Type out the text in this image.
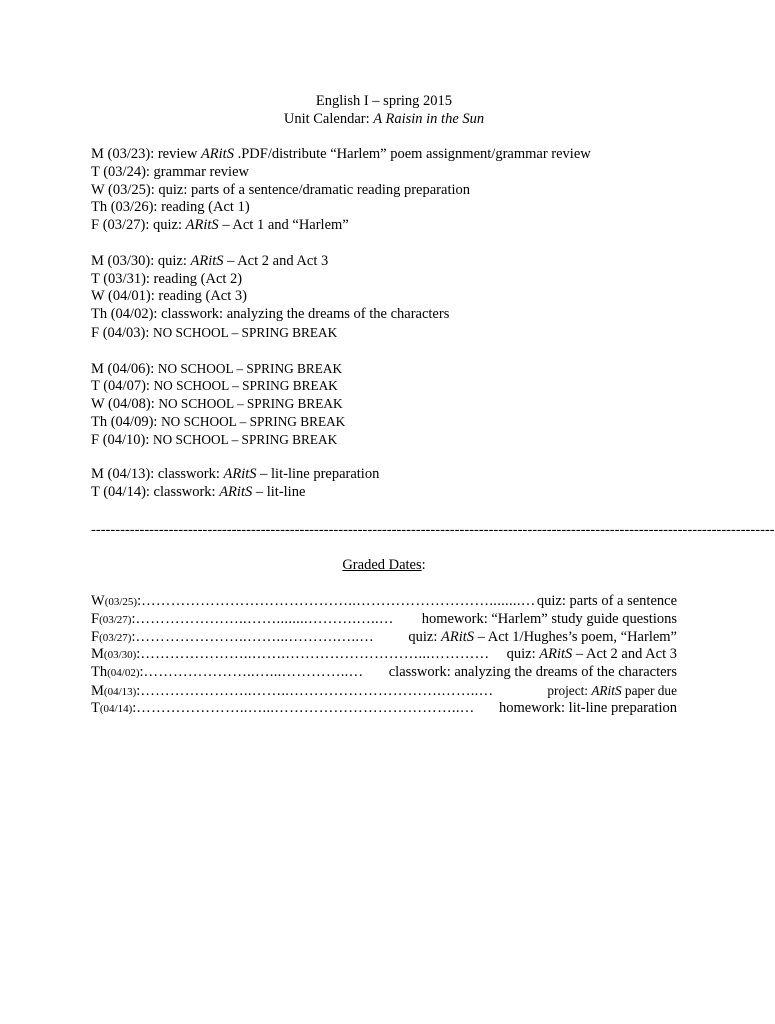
English I – spring 2015
Unit Calendar: A Raisin in the Sun
M (03/23): review ARitS .PDF/distribute “Harlem” poem assignment/grammar review
T (03/24): grammar review
W (03/25): quiz: parts of a sentence/dramatic reading preparation
Th (03/26): reading (Act 1)
F (03/27): quiz: ARitS – Act 1 and “Harlem”
M (03/30): quiz: ARitS – Act 2 and Act 3
T (03/31): reading (Act 2)
W (04/01): reading (Act 3)
Th (04/02): classwork: analyzing the dreams of the characters
F (04/03): NO SCHOOL – SPRING BREAK
M (04/06): NO SCHOOL – SPRING BREAK
T (04/07): NO SCHOOL – SPRING BREAK
W (04/08): NO SCHOOL – SPRING BREAK
Th (04/09): NO SCHOOL – SPRING BREAK
F (04/10): NO SCHOOL – SPRING BREAK
M (04/13): classwork: ARitS – lit-line preparation
T (04/14): classwork: ARitS – lit-line
---------------------------------------------------------------------------------------------------------------------------------------------
Graded Dates:
W (03/25) : ……………………………………..………………………........… quiz: parts of a sentence
F (03/27) : …………………..……........……….…..…	homework: “Harlem” study guide questions
F (03/27) : …………………..……...……….…..…	quiz: ARitS – Act 1/Hughes’s poem, “Harlem”
M (03/30) : …………………..…….………………………...…………	quiz: ARitS – Act 2 and Act 3
Th (04/02) : …………………..…...…………..…	classwork: analyzing the dreams of the characters
M (04/13) : …………………..……..………………………….……..…	project: ARitS paper due
T (04/14) : …………………..…...………………………………..…	homework: lit-line preparation
